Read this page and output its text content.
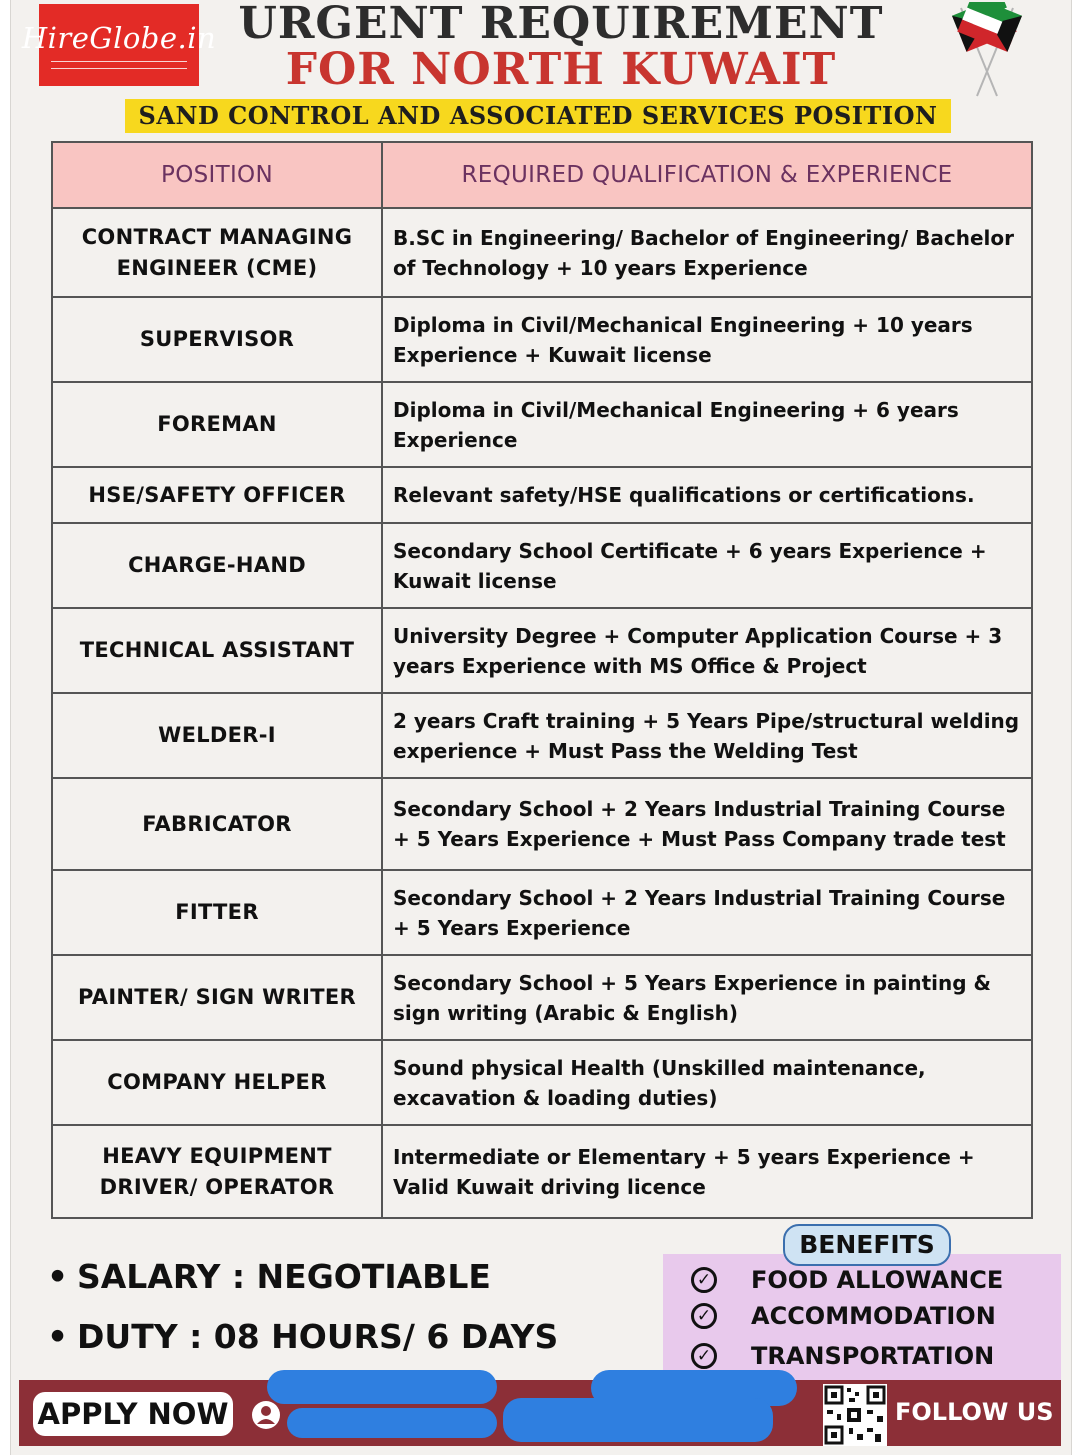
HireGlobe.in URGENT REQUIREMENT
FOR NORTH KUWAIT
SAND CONTROL AND ASSOCIATED SERVICES POSITION
POSITION	REQUIRED QUALIFICATION & EXPERIENCE
CONTRACT MANAGING ENGINEER (CME)	B.SC in Engineering/ Bachelor of Engineering/ Bachelor of Technology + 10 years Experience
SUPERVISOR	Diploma in Civil/Mechanical Engineering + 10 years Experience + Kuwait license
FOREMAN	Diploma in Civil/Mechanical Engineering + 6 years Experience
HSE/SAFETY OFFICER	Relevant safety/HSE qualifications or certifications.
CHARGE-HAND	Secondary School Certificate + 6 years Experience + Kuwait license
TECHNICAL ASSISTANT	University Degree + Computer Application Course + 3 years Experience with MS Office & Project
WELDER-I	2 years Craft training + 5 Years Pipe/structural welding experience + Must Pass the Welding Test
FABRICATOR	Secondary School + 2 Years Industrial Training Course + 5 Years Experience + Must Pass Company trade test
FITTER	Secondary School + 2 Years Industrial Training Course + 5 Years Experience
PAINTER/ SIGN WRITER	Secondary School + 5 Years Experience in painting & sign writing (Arabic & English)
COMPANY HELPER	Sound physical Health (Unskilled maintenance, excavation & loading duties)
HEAVY EQUIPMENT DRIVER/ OPERATOR	Intermediate or Elementary + 5 years Experience + Valid Kuwait driving licence
• SALARY : NEGOTIABLE
• DUTY : 08 HOURS/ 6 DAYS
BENEFITS
✓ FOOD ALLOWANCE
✓ ACCOMMODATION
✓ TRANSPORTATION
APPLY NOW	FOLLOW US
